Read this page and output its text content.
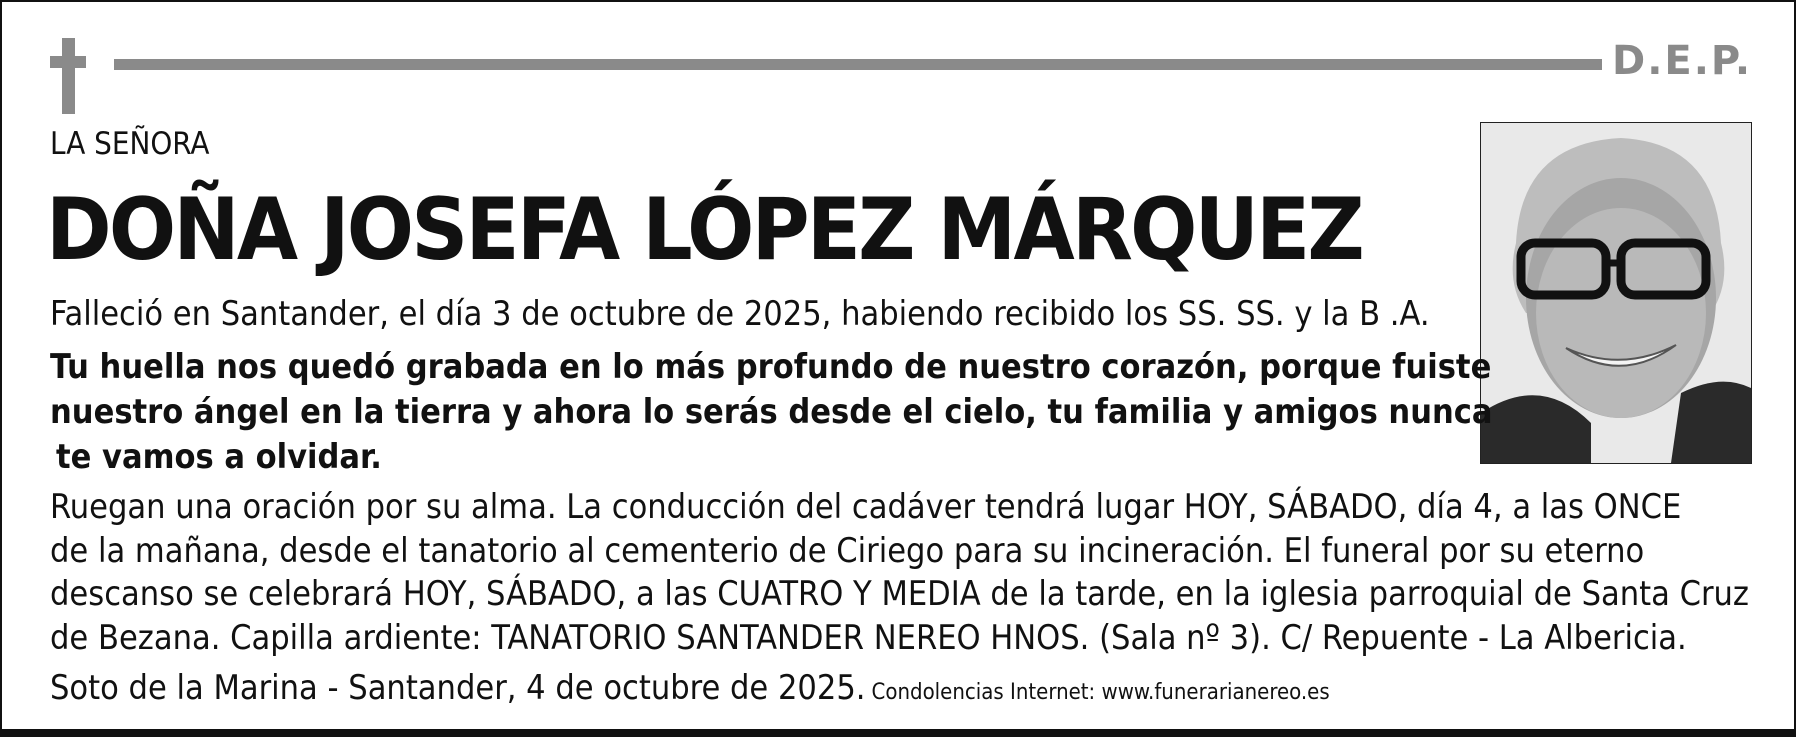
D.E.P.
LA SEÑORA
DOÑA JOSEFA LÓPEZ MÁRQUEZ
Falleció en Santander, el día 3 de octubre de 2025, habiendo recibido los SS. SS. y la B .A.
Tu huella nos quedó grabada en lo más profundo de nuestro corazón, porque fuiste
nuestro ángel en la tierra y ahora lo serás desde el cielo, tu familia y amigos nunca
te vamos a olvidar.
Ruegan una oración por su alma. La conducción del cadáver tendrá lugar HOY, SÁBADO, día 4, a las ONCE
de la mañana, desde el tanatorio al cementerio de Ciriego para su incineración. El funeral por su eterno
descanso se celebrará HOY, SÁBADO, a las CUATRO Y MEDIA de la tarde, en la iglesia parroquial de Santa Cruz
de Bezana. Capilla ardiente: TANATORIO SANTANDER NEREO HNOS. (Sala nº 3). C/ Repuente - La Albericia.
Soto de la Marina - Santander, 4 de octubre de 2025. Condolencias Internet: www.funerarianereo.es
